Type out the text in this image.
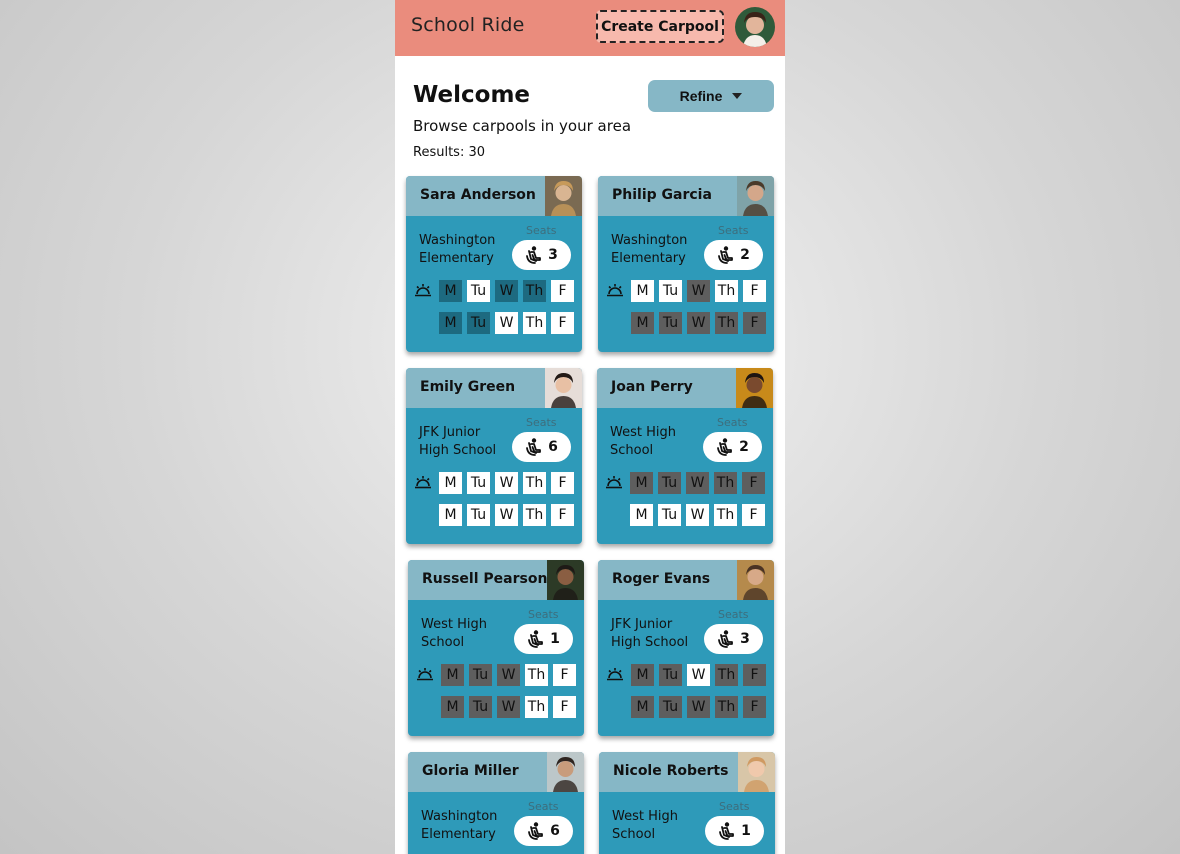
School Ride	Create Carpool
Welcome
Browse carpools in your area
Results: 30
Refine
Sara Anderson
Washington Elementary
Seats
3
M	Tu W Th	F
M	Tu W Th	F
Philip Garcia
Washington Elementary
Seats
2
M	Tu W Th	F
M	Tu W Th	F
Emily Green
JFK Junior High School
Seats
6
M	Tu W Th	F
M	Tu W Th	F
Joan Perry
West High School
Seats
2
M	Tu W Th	F
M	Tu W Th	F
Russell Pearson
West High School
Seats
1
M	Tu W Th	F
M	Tu W Th	F
Roger Evans
JFK Junior High School
Seats
3
M	Tu W Th	F
M	Tu W Th	F
Gloria Miller
Washington Elementary
Seats
6
Nicole Roberts
West High School
Seats
1
